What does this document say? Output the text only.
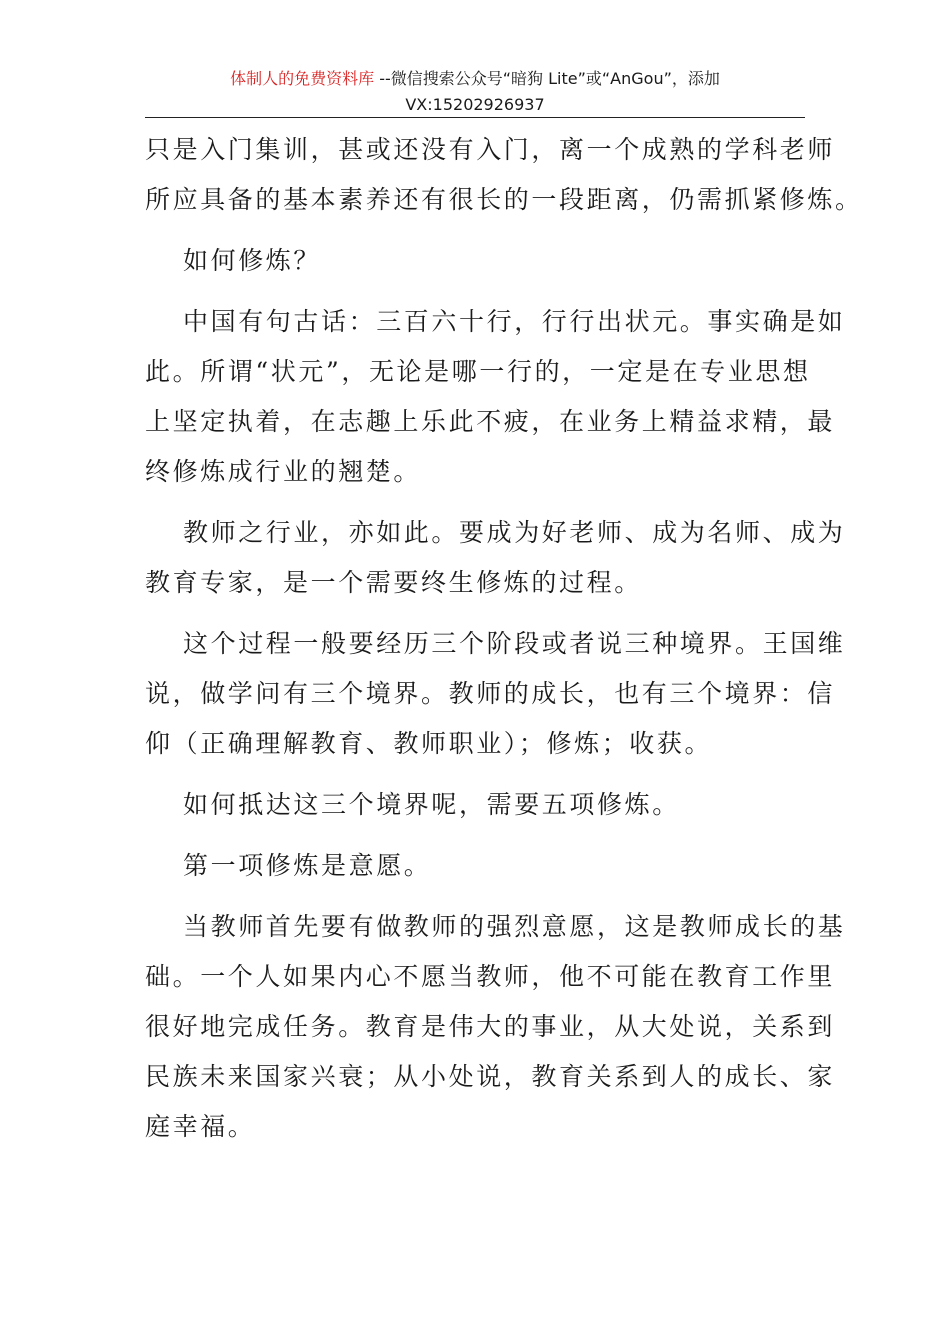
体制人的免费资料库 --微信搜索公众号“暗狗 Lite”或“AnGou”，添加
VX:15202926937
只是入门集训，甚或还没有入门，离一个成熟的学科老师
所应具备的基本素养还有很长的一段距离，仍需抓紧修炼。
如何修炼？
中国有句古话：三百六十行，行行出状元。事实确是如
此。所谓“状元”，无论是哪一行的，一定是在专业思想
上坚定执着，在志趣上乐此不疲，在业务上精益求精，最
终修炼成行业的翘楚。
教师之行业，亦如此。要成为好老师、成为名师、成为
教育专家，是一个需要终生修炼的过程。
这个过程一般要经历三个阶段或者说三种境界。王国维
说，做学问有三个境界。教师的成长，也有三个境界：信
仰（正确理解教育、教师职业）；修炼；收获。
如何抵达这三个境界呢，需要五项修炼。
第一项修炼是意愿。
当教师首先要有做教师的强烈意愿，这是教师成长的基
础。一个人如果内心不愿当教师，他不可能在教育工作里
很好地完成任务。教育是伟大的事业，从大处说，关系到
民族未来国家兴衰；从小处说，教育关系到人的成长、家
庭幸福。
